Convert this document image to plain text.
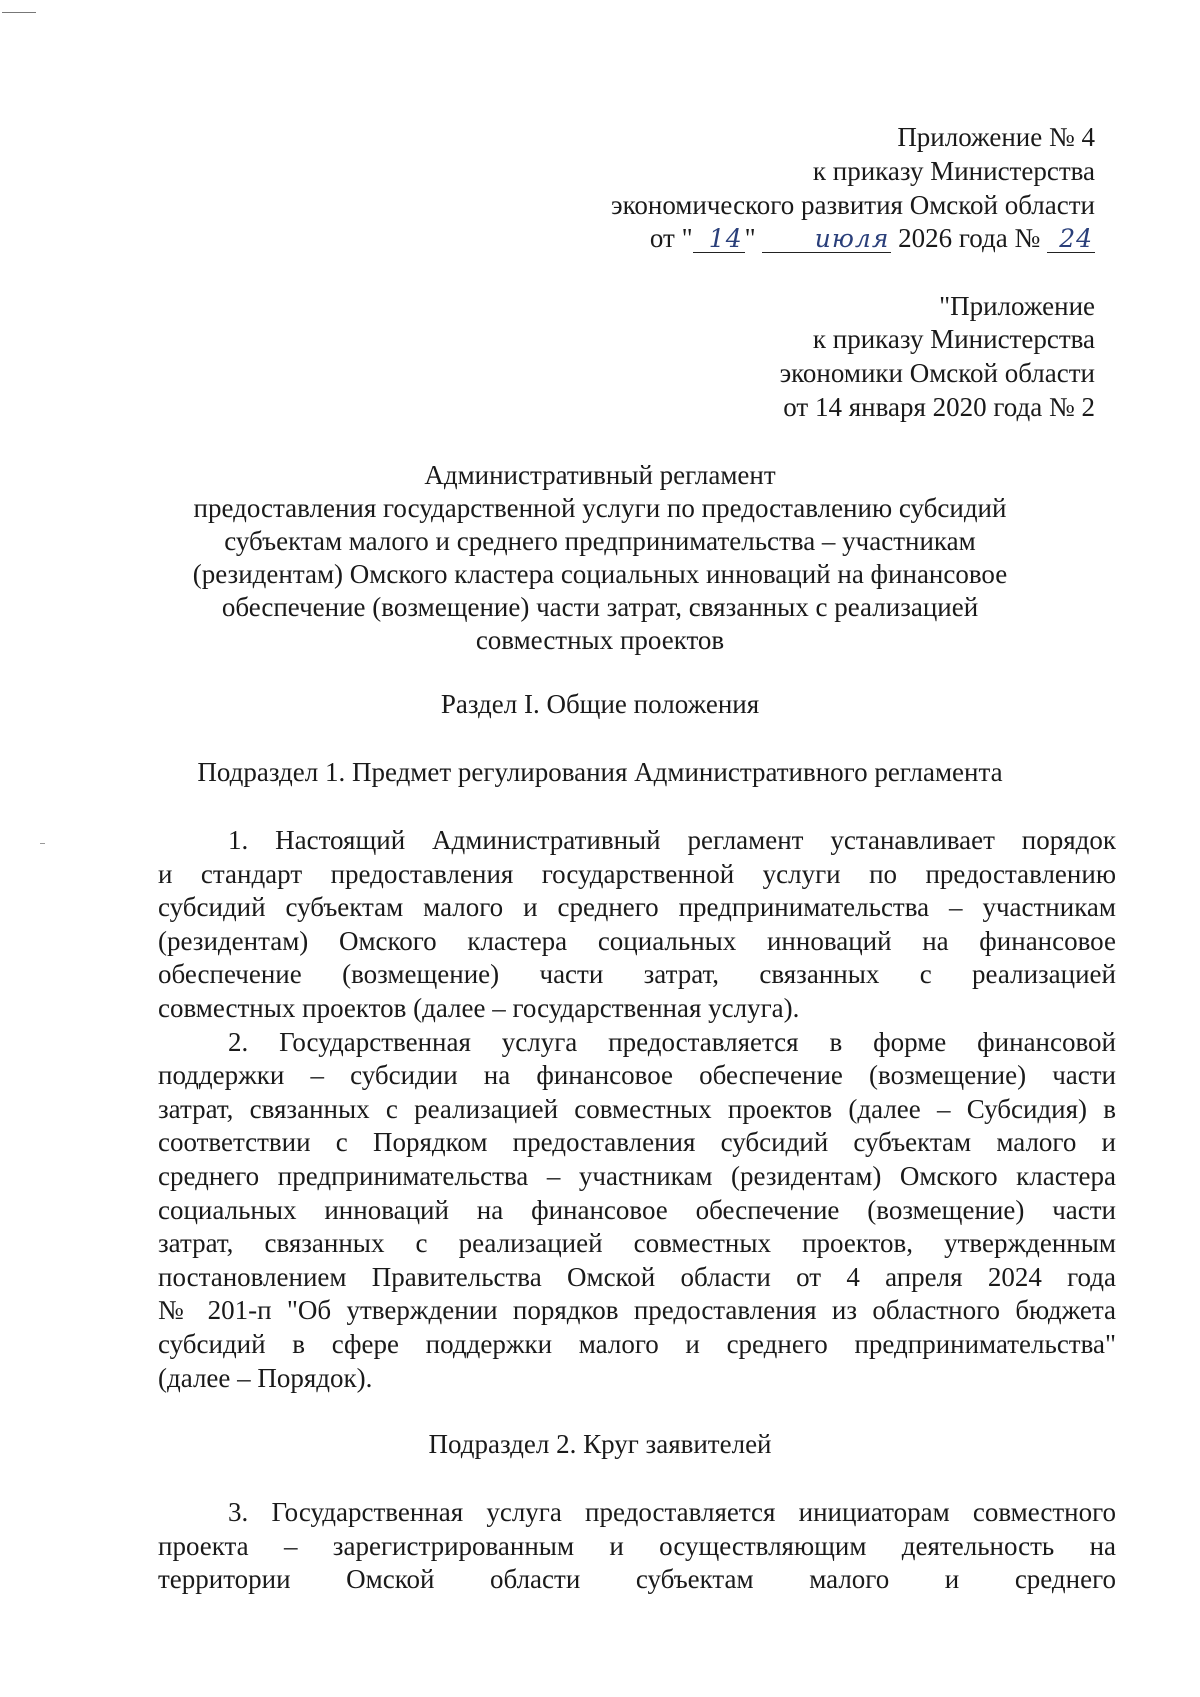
Приложение № 4
к приказу Министерства
экономического развития Омской области
от " 14" июля 2026 года № 24
"Приложение
к приказу Министерства
экономики Омской области
от 14 января 2020 года № 2
Административный регламент
предоставления государственной услуги по предоставлению субсидий
субъектам малого и среднего предпринимательства – участникам
(резидентам) Омского кластера социальных инноваций на финансовое
обеспечение (возмещение) части затрат, связанных с реализацией
совместных проектов
Раздел I. Общие положения
Подраздел 1. Предмет регулирования Административного регламента
1. Настоящий Административный регламент устанавливает порядок
и стандарт предоставления государственной услуги по предоставлению
субсидий субъектам малого и среднего предпринимательства – участникам
(резидентам) Омского кластера социальных инноваций на финансовое
обеспечение (возмещение) части затрат, связанных с реализацией
совместных проектов (далее – государственная услуга).
2. Государственная услуга предоставляется в форме финансовой
поддержки – субсидии на финансовое обеспечение (возмещение) части
затрат, связанных с реализацией совместных проектов (далее – Субсидия) в
соответствии с Порядком предоставления субсидий субъектам малого и
среднего предпринимательства – участникам (резидентам) Омского кластера
социальных инноваций на финансовое обеспечение (возмещение) части
затрат, связанных с реализацией совместных проектов, утвержденным
постановлением Правительства Омской области от 4 апреля 2024 года
№ 201-п "Об утверждении порядков предоставления из областного бюджета
субсидий в сфере поддержки малого и среднего предпринимательства"
(далее – Порядок).
Подраздел 2. Круг заявителей
3. Государственная услуга предоставляется инициаторам совместного
проекта – зарегистрированным и осуществляющим деятельность на
территории Омской области субъектам малого и среднего
